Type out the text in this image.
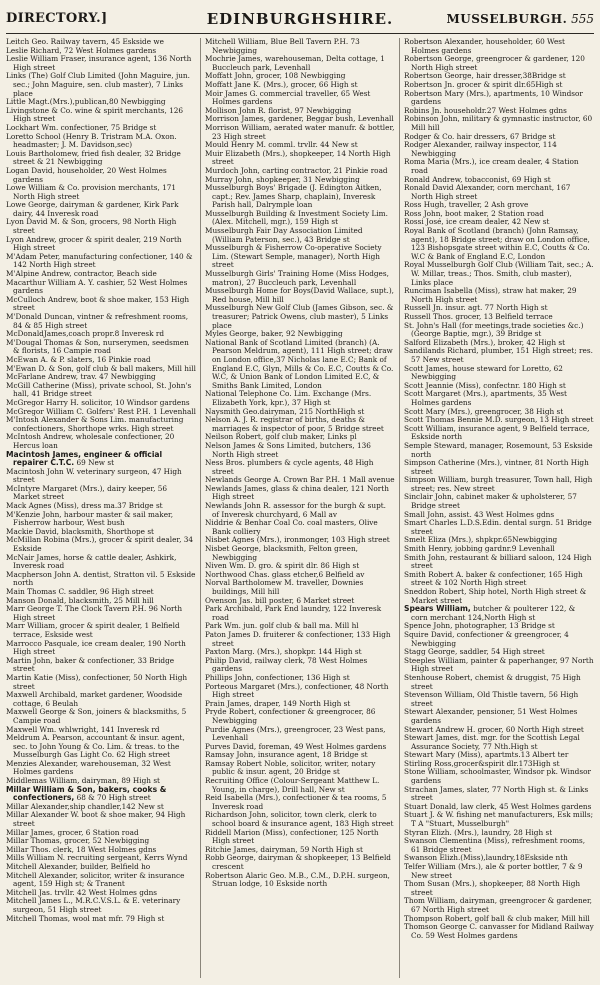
DIRECTORY.]	EDINBURGHSHIRE.	MUSSELBURGH. 555

Leitch Geo. Railway tavern, 45 Eskside we

Leslie Richard, 72 West Holmes gardens

Leslie William Fraser, insurance agent, 136 North High street

Links (The) Golf Club Limited (John Maguire, jun. sec.; John Maguire, sen. club master), 7 Links place

Little Magt.(Mrs.),publican,80 Newbigging

Livingstone & Co. wine & spirit merchants, 126 High street

Lockhart Wm. confectioner, 75 Bridge st

Loretto School (Henry B. Tristram M.A. Oxon. headmaster; J. M. Davidson,sec)

Louis Bartholomew, fried fish dealer, 32 Bridge street & 21 Newbigging

Logan David, householder, 20 West Holmes gardens

Lowe William & Co. provision merchants, 171 North High street

Lowe George, dairyman & gardener, Kirk Park dairy, 44 Inveresk road

Lyon David M. & Son, grocers, 98 North High street

Lyon Andrew, grocer & spirit dealer, 219 North High street

M'Adam Peter, manufacturing confectioner, 140 & 142 North High street

M'Alpine Andrew, contractor, Beach side

Macarthur William A. Y. cashier, 52 West Holmes gardens

McCulloch Andrew, boot & shoe maker, 153 High street

M'Donald Duncan, vintner & refreshment rooms, 84 & 85 High street

McDonaldJames,coach propr.8 Inveresk rd

M'Dougal Thomas & Son, nurserymen, seedsmen & florists, 16 Campie road

McEwan A. & P. slaters, 16 Pinkie road

M'Ewan D. & Son, golf club & ball makers, Mill hill

McFarlane Andrew, trav. 47 Newbigging

McGill Catherine (Miss), private school, St. John's hall, 41 Bridge street

McGregor Harry H. solicitor, 10 Windsor gardens

McGregor William C. Golfers' Rest P.H. 1 Levenhall

M'Intosh Alexander & Sons Lim. manufacturing confectioners, Shorthope wrks. High street

McIntosh Andrew, wholesale confectioner, 20 Hercus loan

Macintosh James, engineer & official repairer C.T.C. 69 New st

Macintosh John W. veterinary surgeon, 47 High street

McIntyre Margaret (Mrs.), dairy keeper, 56 Market street

Mack Agnes (Miss), dress ma.37 Bridge st

M'Kenzie John, harbour master & sail maker, Fisherrow harbour, West bush

Mackie David, blacksmith, Shorthope st

McMillan Robina (Mrs.), grocer & spirit dealer, 34 Eskside

McNair James, horse & cattle dealer, Ashkirk, Inveresk road

Macpherson John A. dentist, Stratton vil. 5 Eskside north

Main Thomas C. saddler, 96 High street

Manson Donald, blacksmith, 25 Mill hill

Marr George T. The Clock Tavern P.H. 96 North High street

Marr William, grocer & spirit dealer, 1 Belfield terrace, Eskside west

Marrocco Pasquale, ice cream dealer, 190 North High street

Martin John, baker & confectioner, 33 Bridge street

Martin Katie (Miss), confectioner, 50 North High street

Maxwell Archibald, market gardener, Woodside cottage, 6 Beulah

Maxwell George & Son, joiners & blacksmiths, 5 Campie road

Maxwell Wm. whlwright, 141 Inveresk rd

Meldrum A. Pearson, accountant & insur. agent, sec. to John Young & Co. Lim. & treas. to the Musselburgh Gas Light Co. 62 High street

Menzies Alexander, warehouseman, 32 West Holmes gardens

Middlemas William, dairyman, 89 High st

Millar William & Son, bakers, cooks & confectioners, 68 & 70 High street

Millar Alexander,ship chandler,142 New st

Millar Alexander W. boot & shoe maker, 94 High street

Millar James, grocer, 6 Station road

Millar Thomas, grocer, 52 Newbigging

Millar Thos. clerk, 18 West Holmes gdns

Mills William N. recruiting sergeant, Kerrs Wynd

Mitchell Alexander, builder, Belfield ho

Mitchell Alexander, solicitor, writer & insurance agent, 159 High st; & Tranent

Mitchell Jas. trvllr. 42 West Holmes gdns

Mitchell James L., M.R.C.V.S.L. & E. veterinary surgeon, 51 High street

Mitchell Thomas, wool mat mfr. 79 High st

Mitchell William, Blue Bell Tavern P.H. 73 Newbigging

Mochrie James, warehouseman, Delta cottage, 1 Buccleuch park, Levenhall

Moffatt John, grocer, 108 Newbigging

Moffatt Jane K. (Mrs.), grocer, 66 High st

Moir James G. commercial traveller, 65 West Holmes gardens

Mollison John R. florist, 97 Newbigging

Morrison James, gardener, Beggar bush, Levenhall

Morrison William, aerated water manufr. & bottler, 23 High street

Mould Henry M. comml. trvllr. 44 New st

Muir Elizabeth (Mrs.), shopkeeper, 14 North High street

Murdoch John, carting contractor, 21 Pinkie road

Murray John, shopkeeper, 31 Newbigging

Musselburgh Boys' Brigade (J. Edington Aitken, capt.; Rev. James Sharp, chaplain), Inveresk Parish hall, Dalrymple loan

Musselburgh Building & Investment Society Lim. (Alex. Mitchell, mgr.), 159 High st

Musselburgh Fair Day Association Limited (William Paterson, sec.), 43 Bridge st

Musselburgh & Fisherrow Co-operative Society Lim. (Stewart Semple, manager), North High street

Musselburgh Girls' Training Home (Miss Hodges, matron), 27 Buccleuch park, Levenhall

Musselburgh Home for Boys(David Wallace, supt.), Red house, Mill hill

Musselburgh New Golf Club (James Gibson, sec. & treasurer; Patrick Owens, club master), 5 Links place

Myles George, baker, 92 Newbigging

National Bank of Scotland Limited (branch) (A. Pearson Meldrum, agent), 111 High street; draw on London office,37 Nicholas lane E.C; Bank of England E.C, Glyn, Mills & Co. E.C, Coutts & Co. W.C, & Union Bank of London Limited E.C, & Smiths Bank Limited, London

National Telephone Co. Lim. Exchange (Mrs. Elizabeth York, kpr.), 37 High st

Naysmith Geo.dairyman, 215 NorthHigh st

Nelson A. J. R. registrar of births, deaths & marriages & inspector of poor, 5 Bridge street

Neilson Robert, golf club maker, Links pl

Nelson James & Sons Limited, butchers, 136 North High street

Ness Bros. plumbers & cycle agents, 48 High street

Newlands George A. Crown Bar P.H. 1 Mall avenue

Newlands James, glass & china dealer, 121 North High street

Newlands John R. assessor for the burgh & supt. of Inveresk churchyard, 6 Mall av

Niddrie & Benhar Coal Co. coal masters, Olive Bank colliery

Nisbet Agnes (Mrs.), ironmonger, 103 High street

Nisbet George, blacksmith, Felton green, Newbigging

Niven Wm. D. gro. & spirit dlr. 86 High st

Northwood Chas. glass etcher,6 Belfield av

Norval Bartholomew M. traveller, Downies buildings, Mill hill

Ovenson Jas. bill poster, 6 Market street

Park Archibald, Park End laundry, 122 Inveresk road

Park Wm. jun. golf club & ball ma. Mill hl

Paton James D. fruiterer & confectioner, 133 High street

Paxton Marg. (Mrs.), shopkpr. 144 High st

Philip David, railway clerk, 78 West Holmes gardens

Phillips John, confectioner, 136 High st

Porteous Margaret (Mrs.), confectioner, 48 North High street

Prain James, draper, 149 North High st

Pryde Robert, confectioner & greengrocer, 86 Newbigging

Purdie Agnes (Mrs.), greengrocer, 23 West pans, Levenhall

Purves David, foreman, 49 West Holmes gardens

Ramsay John, insurance agent, 18 Bridge st

Ramsay Robert Noble, solicitor, writer, notary public & insur. agent, 20 Bridge st

Recruiting Office (Colour-Sergeant Matthew L. Young, in charge), Drill hall, New st

Reid Isabella (Mrs.), confectioner & tea rooms, 5 Inveresk road

Richardson John, solicitor, town clerk, clerk to school board & insurance agent, 183 High street

Riddell Marion (Miss), confectioner, 125 North High street

Ritchie James, dairyman, 59 North High st

Robb George, dairyman & shopkeeper, 13 Belfield crescent

Robertson Alaric Geo. M.B., C.M., D.P.H. surgeon, Struan lodge, 10 Eskside north

Robertson Alexander, householder, 60 West Holmes gardens

Robertson George, greengrocer & gardener, 120 North High street

Robertson George, hair dresser,38Bridge st

Robertson Jn. grocer & spirit dlr.65High st

Robertson Mary (Mrs.), apartments, 10 Windsor gardens

Robins Jn. householdr.27 West Holmes gdns

Robinson John, military & gymnastic instructor, 60 Mill hill

Rodger & Co. hair dressers, 67 Bridge st

Rodger Alexander, railway inspector, 114 Newbigging

Roma Maria (Mrs.), ice cream dealer, 4 Station road

Ronald Andrew, tobacconist, 69 High st

Ronald David Alexander, corn merchant, 167 North High street

Ross Hugh, traveller, 2 Ash grove

Ross John, boot maker, 2 Station road

Rossi José, ice cream dealer, 42 New st

Royal Bank of Scotland (branch) (John Ramsay, agent), 18 Bridge street; draw on London office, 123 Bishopsgate street within E.C, Coutts & Co. W.C & Bank of England E.C, London

Royal Musselburgh Golf Club (William Tait, sec.; A. W. Millar, treas.; Thos. Smith, club master), Links place

Runciman Isabella (Miss), straw hat maker, 29 North High street

Russell Jn. insur. agt. 77 North High st

Russell Thos. grocer, 13 Belfield terrace

St. John's Hall (for meetings,trade societies &c.) (George Baptie, mgr.), 39 Bridge st

Salford Elizabeth (Mrs.), broker, 42 High st

Sandilands Richard, plumber, 151 High street; res. 57 New street

Scott James, house steward for Loretto, 62 Newbigging

Scott Jeannie (Miss), confectnr. 180 High st

Scott Margaret (Mrs.), apartments, 35 West Holmes gardens

Scott Mary (Mrs.), greengrocer, 38 High st

Scott Thomas Bennie M.D. surgeon, 13 High street

Scott William, insurance agent, 9 Belfield terrace, Eskside north

Semple Steward, manager, Rosemount, 53 Eskside north

Simpson Catherine (Mrs.), vintner, 81 North High street

Simpson William, burgh treasurer, Town hall, High street; res. New street

Sinclair John, cabinet maker & upholsterer, 57 Bridge street

Small John, assist. 43 West Holmes gdns

Smart Charles L.D.S.Edin. dental surgn. 51 Bridge street

Smelt Eliza (Mrs.), shpkpr.65Newbigging

Smith Henry, jobbing gardnr.9 Levenhall

Smith John, restaurant & billiard saloon, 124 High street

Smith Robert A. baker & confectioner, 165 High street & 102 North High street

Sneddon Robert, Ship hotel, North High street & Market street

Spears William, butcher & poulterer 122, & corn merchant 124,North High st

Spence John, photographer, 13 Bridge st

Squire David, confectioner & greengrocer, 4 Newbigging

Stagg George, saddler, 54 High street

Steeples William, painter & paperhanger, 97 North High street

Stenhouse Robert, chemist & druggist, 75 High street

Stevenson William, Old Thistle tavern, 56 High street

Stewart Alexander, pensioner, 51 West Holmes gardens

Stewart Andrew H. grocer, 60 North High street

Stewart James, dist. mgr. for the Scottish Legal Assurance Society, 77 Nth.High st

Stewart Mary (Miss), apartmts.13 Albert ter

Stirling Ross,grocer&spirit dlr.173High st

Stone William, schoolmaster, Windsor pk. Windsor gardens

Strachan James, slater, 77 North High st. & Links street

Stuart Donald, law clerk, 45 West Holmes gardens

Stuart J. & W. fishing net manufacturers, Esk mills; T A "Stuart, Musselburgh"

Styran Elizh. (Mrs.), laundry, 28 High st

Swanson Clementina (Miss), refreshment rooms, 61 Bridge street

Swanson Elizh.(Miss),laundry,18Eskside nth

Telfer William (Mrs.), ale & porter bottler, 7 & 9 New street

Thom Susan (Mrs.), shopkeeper, 88 North High street

Thom William, dairyman, greengrocer & gardener, 67 North High street

Thompson Robert, golf ball & club maker, Mill hill

Thomson George C. canvasser for Midland Railway Co. 59 West Holmes gardens
